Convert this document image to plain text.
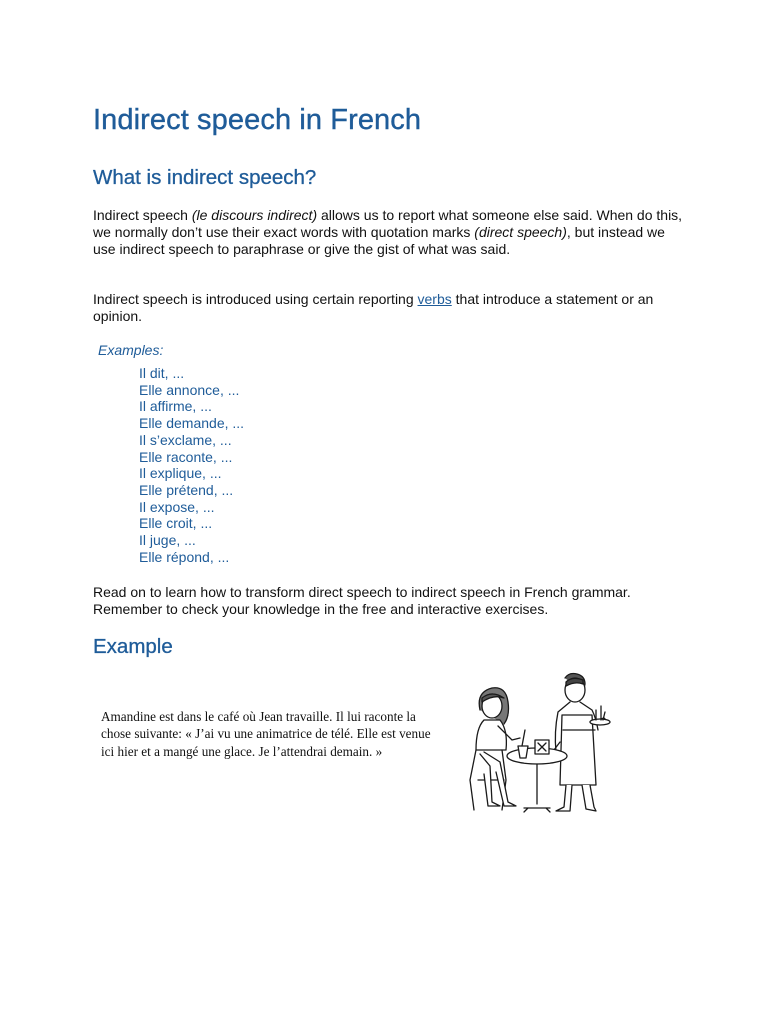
Indirect speech in French
What is indirect speech?

Indirect speech (le discours indirect) allows us to report what someone else said. When do this, we normally don’t use their exact words with quotation marks (direct speech), but instead we use indirect speech to paraphrase or give the gist of what was said.

Indirect speech is introduced using certain reporting verbs that introduce a statement or an opinion.

Examples:

Il dit, ...
Elle annonce, ...
Il affirme, ...
Elle demande, ...
Il s’exclame, ...
Elle raconte, ...
Il explique, ...
Elle prétend, ...
Il expose, ...
Elle croit, ...
Il juge, ...
Elle répond, ...

Read on to learn how to transform direct speech to indirect speech in French grammar. Remember to check your knowledge in the free and interactive exercises.

Example

Amandine est dans le café où Jean travaille. Il lui raconte la chose suivante: « J’ai vu une animatrice de télé. Elle est venue ici hier et a mangé une glace. Je l’attendrai demain. »
